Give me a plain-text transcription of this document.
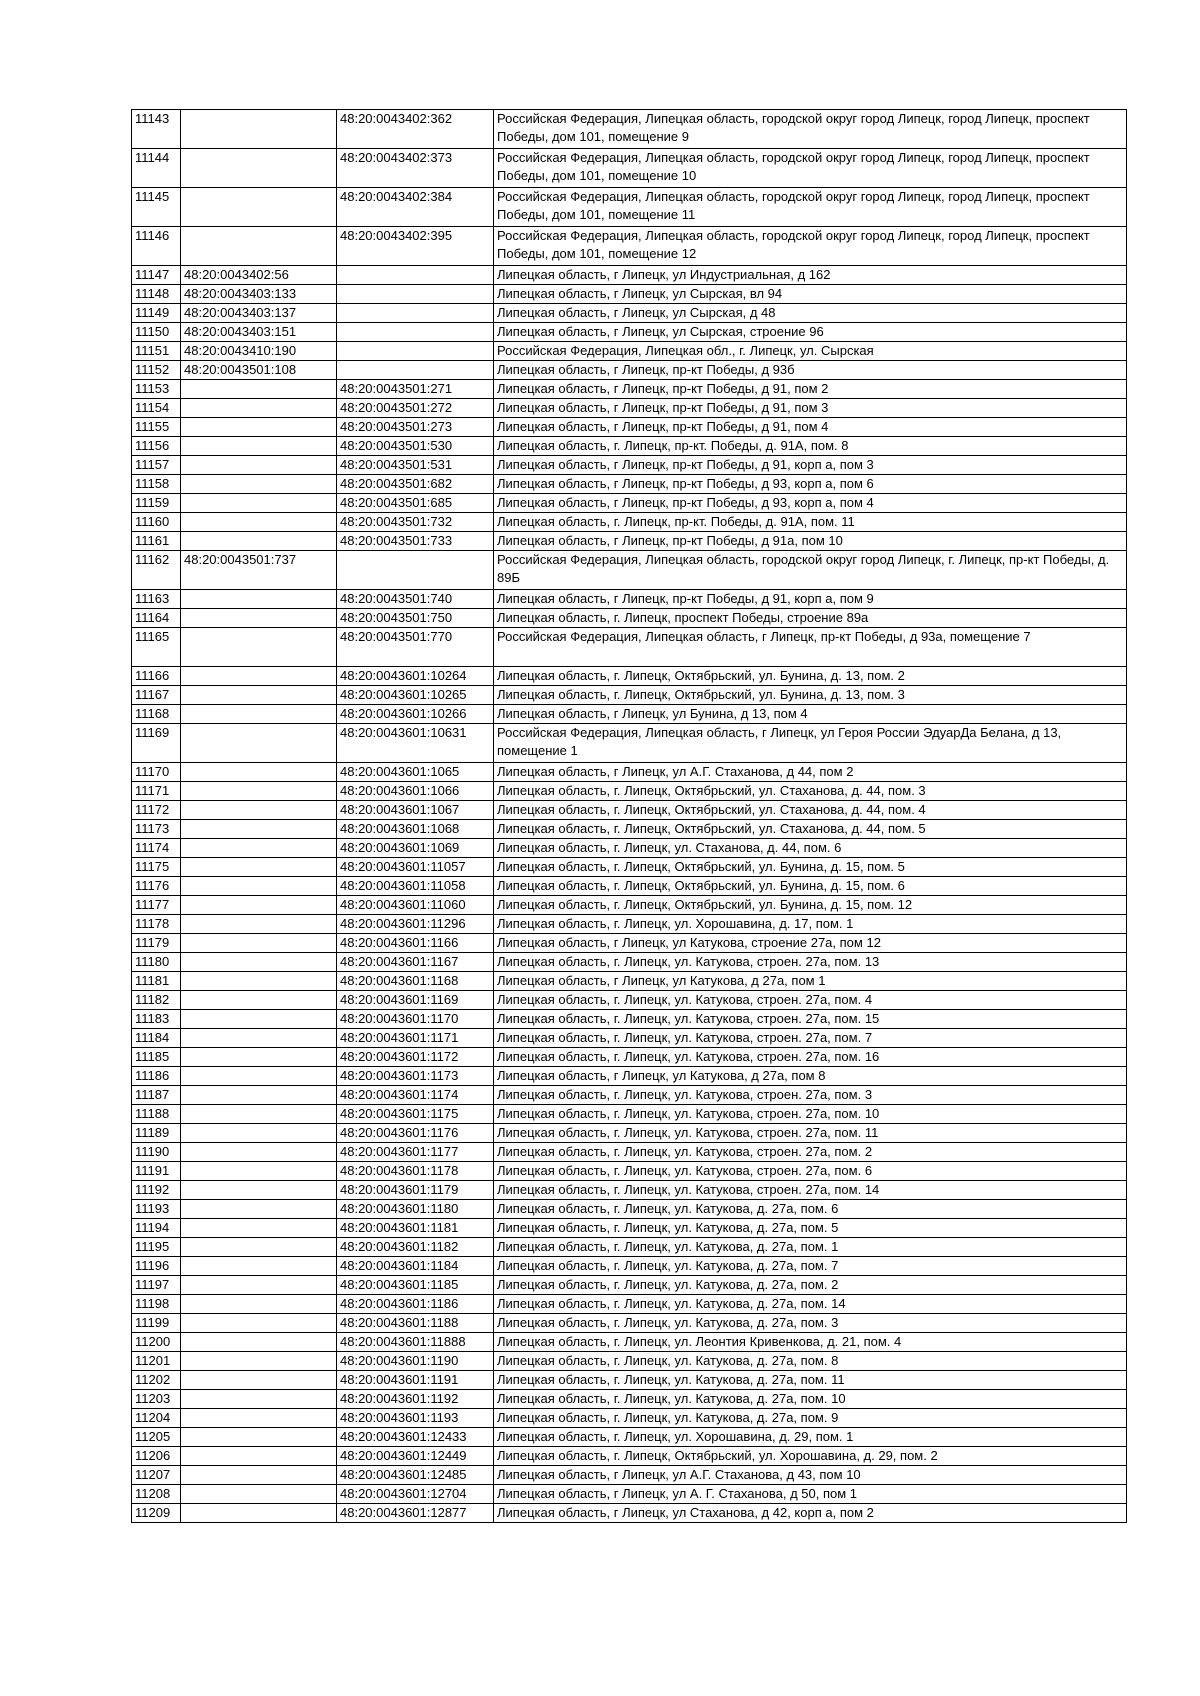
11143		48:20:0043402:362	Российская Федерация, Липецкая область, городской округ город Липецк, город Липецк, проспект Победы, дом 101, помещение 9
11144		48:20:0043402:373	Российская Федерация, Липецкая область, городской округ город Липецк, город Липецк, проспект Победы, дом 101, помещение 10
11145		48:20:0043402:384	Российская Федерация, Липецкая область, городской округ город Липецк, город Липецк, проспект Победы, дом 101, помещение 11
11146		48:20:0043402:395	Российская Федерация, Липецкая область, городской округ город Липецк, город Липецк, проспект Победы, дом 101, помещение 12
11147	48:20:0043402:56		Липецкая область, г Липецк, ул Индустриальная, д 162
11148	48:20:0043403:133		Липецкая область, г Липецк, ул Сырская, вл 94
11149	48:20:0043403:137		Липецкая область, г Липецк, ул Сырская, д 48
11150	48:20:0043403:151		Липецкая область, г Липецк, ул Сырская, строение 96
11151	48:20:0043410:190		Российская Федерация, Липецкая обл., г. Липецк, ул. Сырская
11152	48:20:0043501:108		Липецкая область, г Липецк, пр-кт Победы, д 93б
11153		48:20:0043501:271	Липецкая область, г Липецк, пр-кт Победы, д 91, пом 2
11154		48:20:0043501:272	Липецкая область, г Липецк, пр-кт Победы, д 91, пом 3
11155		48:20:0043501:273	Липецкая область, г Липецк, пр-кт Победы, д 91, пом 4
11156		48:20:0043501:530	Липецкая область, г. Липецк, пр-кт. Победы, д. 91А, пом. 8
11157		48:20:0043501:531	Липецкая область, г Липецк, пр-кт Победы, д 91, корп а, пом 3
11158		48:20:0043501:682	Липецкая область, г Липецк, пр-кт Победы, д 93, корп а, пом 6
11159		48:20:0043501:685	Липецкая область, г Липецк, пр-кт Победы, д 93, корп а, пом 4
11160		48:20:0043501:732	Липецкая область, г. Липецк, пр-кт. Победы, д. 91А, пом. 11
11161		48:20:0043501:733	Липецкая область, г Липецк, пр-кт Победы, д 91а, пом 10
11162	48:20:0043501:737		Российская Федерация, Липецкая область, городской округ город Липецк, г. Липецк, пр-кт Победы, д. 89Б
11163		48:20:0043501:740	Липецкая область, г Липецк, пр-кт Победы, д 91, корп а, пом 9
11164		48:20:0043501:750	Липецкая область, г. Липецк, проспект Победы, строение 89а
11165		48:20:0043501:770	Российская Федерация, Липецкая область, г Липецк, пр-кт Победы, д 93а, помещение 7
11166		48:20:0043601:10264	Липецкая область, г. Липецк, Октябрьский, ул. Бунина, д. 13, пом. 2
11167		48:20:0043601:10265	Липецкая область, г. Липецк, Октябрьский, ул. Бунина, д. 13, пом. 3
11168		48:20:0043601:10266	Липецкая область, г Липецк, ул Бунина, д 13, пом 4
11169		48:20:0043601:10631	Российская Федерация, Липецкая область, г Липецк, ул Героя России ЭдуарДа Белана, д 13, помещение 1
11170		48:20:0043601:1065	Липецкая область, г Липецк, ул А.Г. Стаханова, д 44, пом 2
11171		48:20:0043601:1066	Липецкая область, г. Липецк, Октябрьский, ул. Стаханова, д. 44, пом. 3
11172		48:20:0043601:1067	Липецкая область, г. Липецк, Октябрьский, ул. Стаханова, д. 44, пом. 4
11173		48:20:0043601:1068	Липецкая область, г. Липецк, Октябрьский, ул. Стаханова, д. 44, пом. 5
11174		48:20:0043601:1069	Липецкая область, г. Липецк, ул. Стаханова, д. 44, пом. 6
11175		48:20:0043601:11057	Липецкая область, г. Липецк, Октябрьский, ул. Бунина, д. 15, пом. 5
11176		48:20:0043601:11058	Липецкая область, г. Липецк, Октябрьский, ул. Бунина, д. 15, пом. 6
11177		48:20:0043601:11060	Липецкая область, г. Липецк, Октябрьский, ул. Бунина, д. 15, пом. 12
11178		48:20:0043601:11296	Липецкая область, г. Липецк, ул. Хорошавина, д. 17, пом. 1
11179		48:20:0043601:1166	Липецкая область, г Липецк, ул Катукова, строение 27а, пом 12
11180		48:20:0043601:1167	Липецкая область, г. Липецк, ул. Катукова, строен. 27а, пом. 13
11181		48:20:0043601:1168	Липецкая область, г Липецк, ул Катукова, д 27а, пом 1
11182		48:20:0043601:1169	Липецкая область, г. Липецк, ул. Катукова, строен. 27а, пом. 4
11183		48:20:0043601:1170	Липецкая область, г. Липецк, ул. Катукова, строен. 27а, пом. 15
11184		48:20:0043601:1171	Липецкая область, г. Липецк, ул. Катукова, строен. 27а, пом. 7
11185		48:20:0043601:1172	Липецкая область, г. Липецк, ул. Катукова, строен. 27а, пом. 16
11186		48:20:0043601:1173	Липецкая область, г Липецк, ул Катукова, д 27а, пом 8
11187		48:20:0043601:1174	Липецкая область, г. Липецк, ул. Катукова, строен. 27а, пом. 3
11188		48:20:0043601:1175	Липецкая область, г. Липецк, ул. Катукова, строен. 27а, пом. 10
11189		48:20:0043601:1176	Липецкая область, г. Липецк, ул. Катукова, строен. 27а, пом. 11
11190		48:20:0043601:1177	Липецкая область, г. Липецк, ул. Катукова, строен. 27а, пом. 2
11191		48:20:0043601:1178	Липецкая область, г. Липецк, ул. Катукова, строен. 27а, пом. 6
11192		48:20:0043601:1179	Липецкая область, г. Липецк, ул. Катукова, строен. 27а, пом. 14
11193		48:20:0043601:1180	Липецкая область, г. Липецк, ул. Катукова, д. 27а, пом. 6
11194		48:20:0043601:1181	Липецкая область, г. Липецк, ул. Катукова, д. 27а, пом. 5
11195		48:20:0043601:1182	Липецкая область, г. Липецк, ул. Катукова, д. 27а, пом. 1
11196		48:20:0043601:1184	Липецкая область, г. Липецк, ул. Катукова, д. 27а, пом. 7
11197		48:20:0043601:1185	Липецкая область, г. Липецк, ул. Катукова, д. 27а, пом. 2
11198		48:20:0043601:1186	Липецкая область, г. Липецк, ул. Катукова, д. 27а, пом. 14
11199		48:20:0043601:1188	Липецкая область, г. Липецк, ул. Катукова, д. 27а, пом. 3
11200		48:20:0043601:11888	Липецкая область, г. Липецк, ул. Леонтия Кривенкова, д. 21, пом. 4
11201		48:20:0043601:1190	Липецкая область, г. Липецк, ул. Катукова, д. 27а, пом. 8
11202		48:20:0043601:1191	Липецкая область, г. Липецк, ул. Катукова, д. 27а, пом. 11
11203		48:20:0043601:1192	Липецкая область, г. Липецк, ул. Катукова, д. 27а, пом. 10
11204		48:20:0043601:1193	Липецкая область, г. Липецк, ул. Катукова, д. 27а, пом. 9
11205		48:20:0043601:12433	Липецкая область, г. Липецк, ул. Хорошавина, д. 29, пом. 1
11206		48:20:0043601:12449	Липецкая область, г. Липецк, Октябрьский, ул. Хорошавина, д. 29, пом. 2
11207		48:20:0043601:12485	Липецкая область, г Липецк, ул А.Г. Стаханова, д 43, пом 10
11208		48:20:0043601:12704	Липецкая область, г Липецк, ул А. Г. Стаханова, д 50, пом 1
11209		48:20:0043601:12877	Липецкая область, г Липецк, ул Стаханова, д 42, корп а, пом 2
